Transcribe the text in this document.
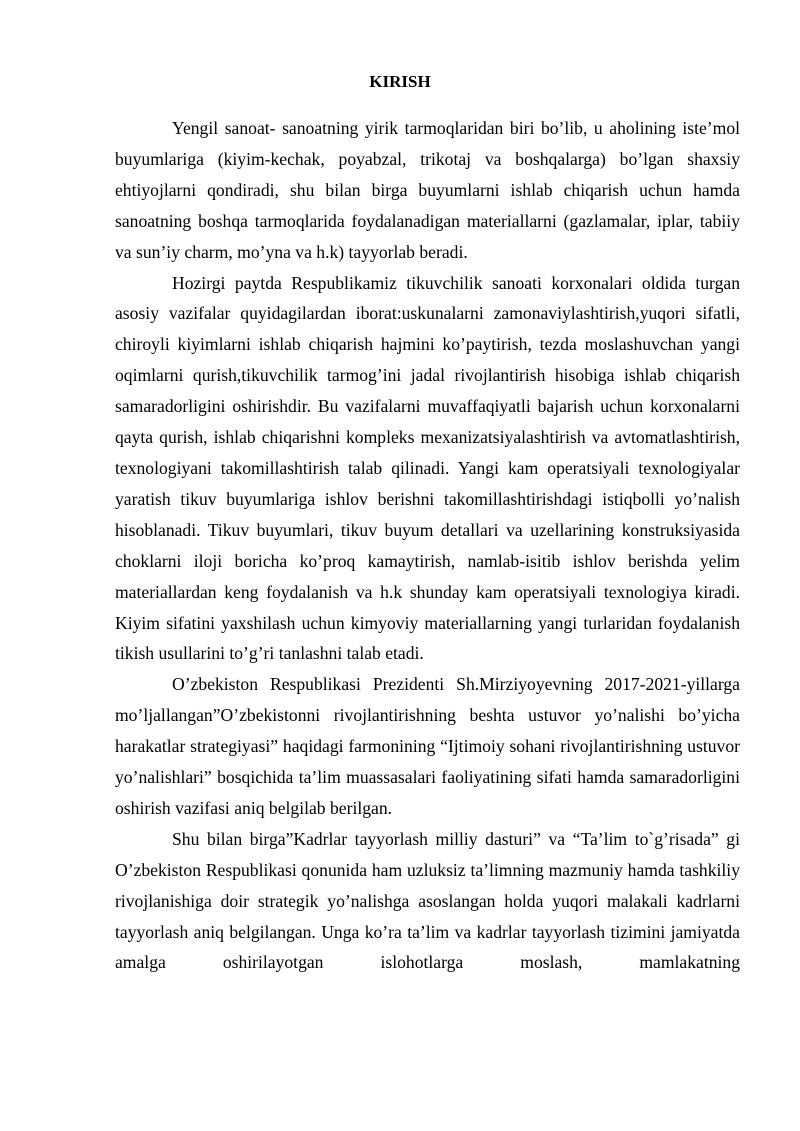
KIRISH

Yengil sanoat- sanoatning yirik tarmoqlaridan biri bo’lib, u aholining iste’mol buyumlariga (kiyim-kechak, poyabzal, trikotaj va boshqalarga) bo’lgan shaxsiy ehtiyojlarni qondiradi, shu bilan birga buyumlarni ishlab chiqarish uchun hamda sanoatning boshqa tarmoqlarida foydalanadigan materiallarni (gazlamalar, iplar, tabiiy va sun’iy charm, mo’yna va h.k) tayyorlab beradi.

Hozirgi paytda Respublikamiz tikuvchilik sanoati korxonalari oldida turgan asosiy vazifalar quyidagilardan iborat:uskunalarni zamonaviylashtirish,yuqori sifatli, chiroyli kiyimlarni ishlab chiqarish hajmini ko’paytirish, tezda moslashuvchan yangi oqimlarni qurish,tikuvchilik tarmog’ini jadal rivojlantirish hisobiga ishlab chiqarish samaradorligini oshirishdir. Bu vazifalarni muvaffaqiyatli bajarish uchun korxonalarni qayta qurish, ishlab chiqarishni kompleks mexanizatsiyalashtirish va avtomatlashtirish, texnologiyani takomillashtirish talab qilinadi. Yangi kam operatsiyali texnologiyalar yaratish tikuv buyumlariga ishlov berishni takomillashtirishdagi istiqbolli yo’nalish hisoblanadi. Tikuv buyumlari, tikuv buyum detallari va uzellarining konstruksiyasida choklarni iloji boricha ko’proq kamaytirish, namlab-isitib ishlov berishda yelim materiallardan keng foydalanish va h.k shunday kam operatsiyali texnologiya kiradi. Kiyim sifatini yaxshilash uchun kimyoviy materiallarning yangi turlaridan foydalanish tikish usullarini to’g’ri tanlashni talab etadi.

O’zbekiston Respublikasi Prezidenti Sh.Mirziyoyevning 2017-2021-yillarga mo’ljallangan”O’zbekistonni rivojlantirishning beshta ustuvor yo’nalishi bo’yicha harakatlar strategiyasi” haqidagi farmonining “Ijtimoiy sohani rivojlantirishning ustuvor yo’nalishlari” bosqichida ta’lim muassasalari faoliyatining sifati hamda samaradorligini oshirish vazifasi aniq belgilab berilgan.

Shu bilan birga”Kadrlar tayyorlash milliy dasturi” va “Ta’lim to`g’risada” gi O’zbekiston Respublikasi qonunida ham uzluksiz ta’limning mazmuniy hamda tashkiliy rivojlanishiga doir strategik yo’nalishga asoslangan holda yuqori malakali kadrlarni tayyorlash aniq belgilangan. Unga ko’ra ta’lim va kadrlar tayyorlash tizimini jamiyatda amalga oshirilayotgan islohotlarga moslash, mamlakatning
